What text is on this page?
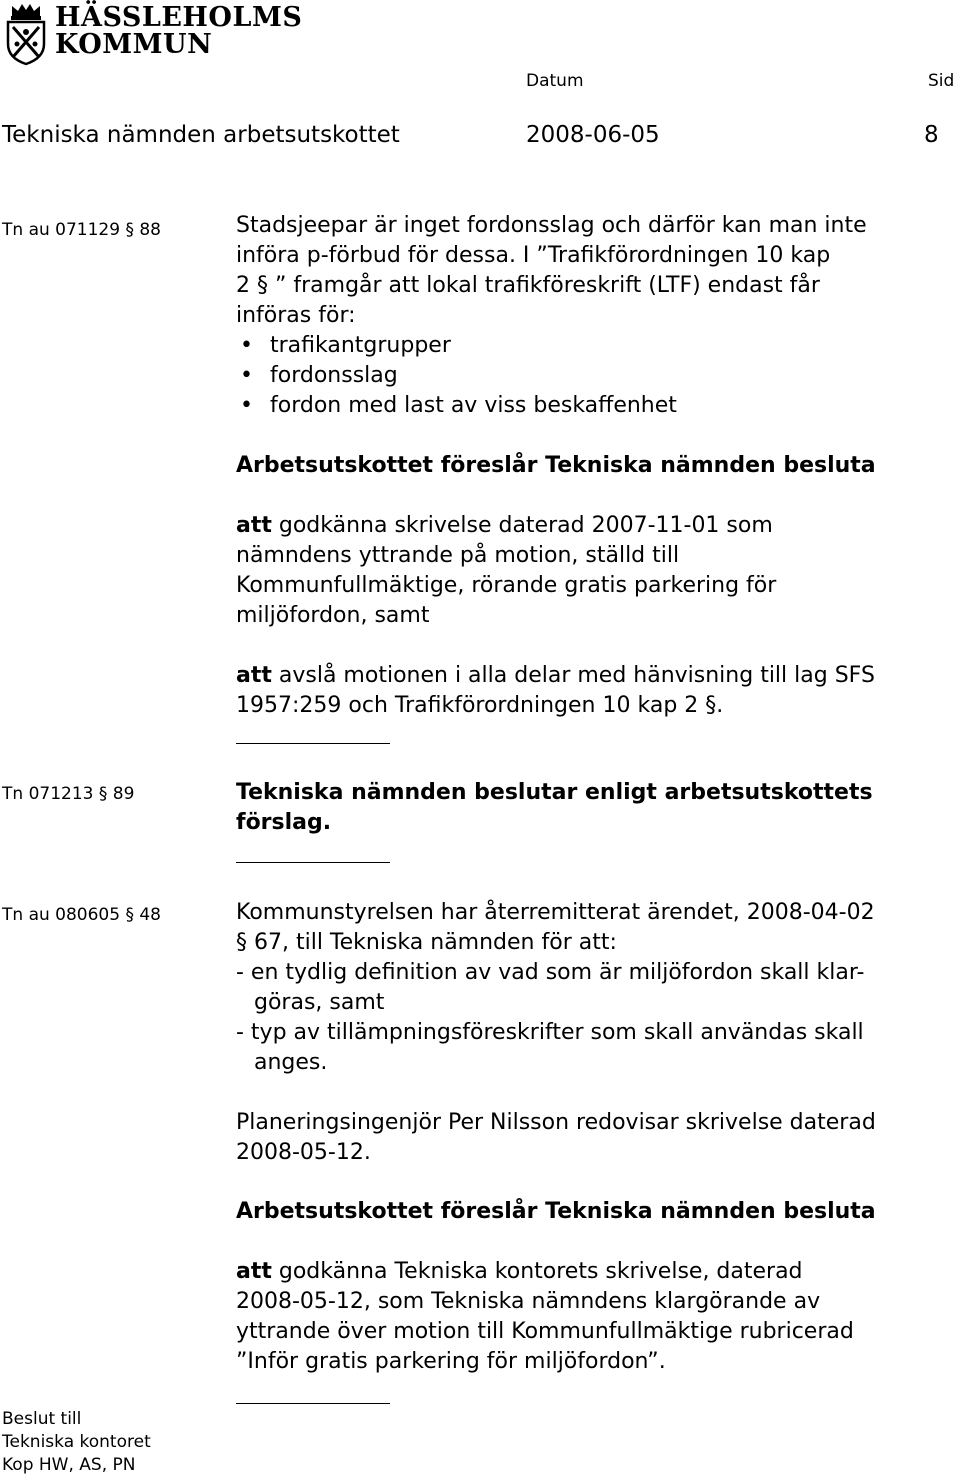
HÄSSLEHOLMS
KOMMUN
Datum	Sid
Tekniska nämnden arbetsutskottet	2008-06-05	8
Tn au 071129 § 88	Stadsjeepar är inget fordonsslag och därför kan man inte
införa p-förbud för dessa. I ”Trafikförordningen 10 kap
2 § ” framgår att lokal trafikföreskrift (LTF) endast får
införas för:
• trafikantgrupper
• fordonsslag
• fordon med last av viss beskaffenhet
Arbetsutskottet föreslår Tekniska nämnden besluta
att godkänna skrivelse daterad 2007-11-01 som
nämndens yttrande på motion, ställd till
Kommunfullmäktige, rörande gratis parkering för
miljöfordon, samt
att avslå motionen i alla delar med hänvisning till lag SFS
1957:259 och Trafikförordningen 10 kap 2 §.
Tn 071213 § 89	Tekniska nämnden beslutar enligt arbetsutskottets
förslag.
Tn au 080605 § 48	Kommunstyrelsen har återremitterat ärendet, 2008-04-02
§ 67, till Tekniska nämnden för att:
- en tydlig definition av vad som är miljöfordon skall klar-
göras, samt
- typ av tillämpningsföreskrifter som skall användas skall
anges.
Planeringsingenjör Per Nilsson redovisar skrivelse daterad
2008-05-12.
Arbetsutskottet föreslår Tekniska nämnden besluta
att godkänna Tekniska kontorets skrivelse, daterad
2008-05-12, som Tekniska nämndens klargörande av
yttrande över motion till Kommunfullmäktige rubricerad
”Inför gratis parkering för miljöfordon”.
Beslut till
Tekniska kontoret
Kop HW, AS, PN
